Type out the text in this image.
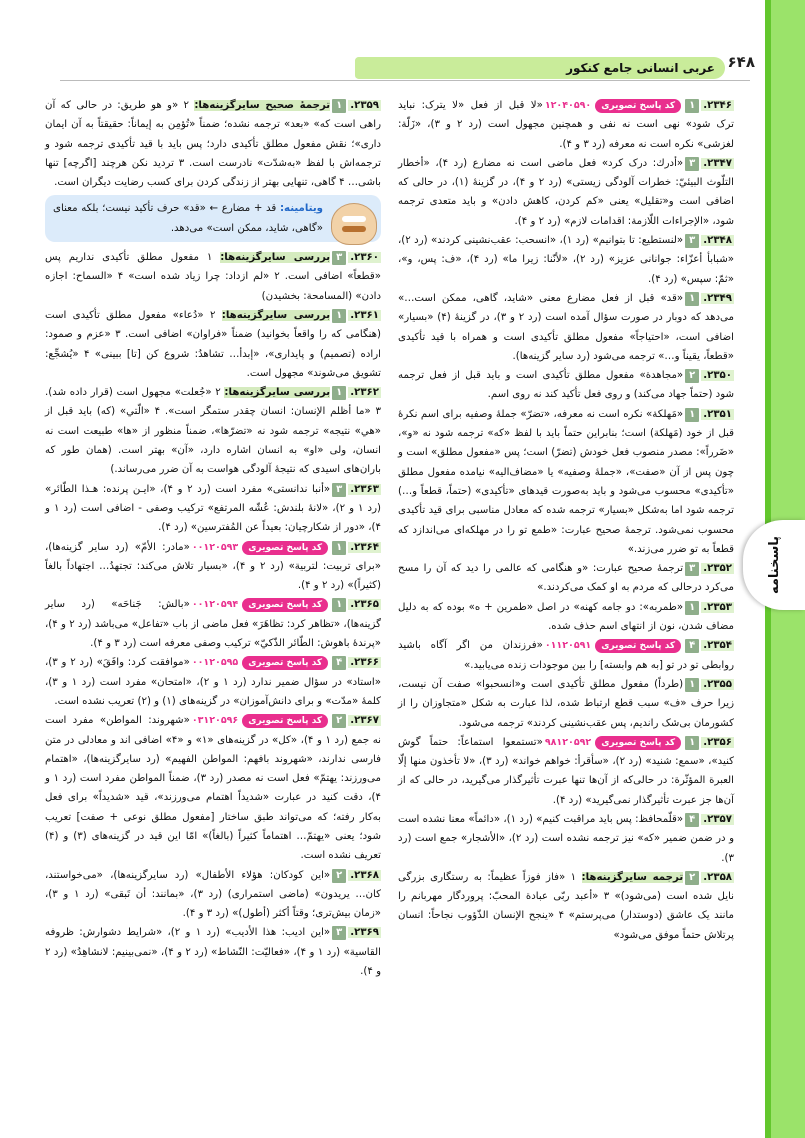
پاسخنامه
عربی انسانی جامع کنکور ۶۴۸
۲۳۴۶.۱کد پاسخ تصویری۱۲۰۴۰۵۹۰«لا قبل از فعل «لا یترک: نباید ترک شود» نهی است نه نفی و همچنین مجهول است (رد ۲ و ۳)، «زَلّة: لغزشی» نکره است نه معرفه (رد ۳ و ۴).
۲۳۴۷.۳«أدرك: درک کرد» فعل ماضی است نه مضارع (رد ۴)، «أخطار التلّوث البیئيّ: خطرات آلودگی زیستی» (رد ۲ و ۴)، در گزینهٔ (۱)، در حالی که اضافی است و«تقلیل» یعنی «کم کردن، کاهش دادن» و باید متعدی ترجمه شود، «الإجراءات اللّازمة: اقدامات لازم» (رد ۲ و ۴).
۲۳۴۸.۳«لنستطیع: تا بتوانیم» (رد ۱)، «انسحب: عقب‌نشینی کردند» (رد ۲)، «شبابأ أعزّاء: جوانانی عزیز» (رد ۲)، «لأنّنا: زیرا ما» (رد ۴)، «ف: پس، و»، «ثمّ: سپس» (رد ۴).
۲۳۴۹.۱«قد» قبل از فعل مضارع معنی «شاید، گاهی، ممکن است…» می‌دهد که دوبار در صورت سؤال آمده است (رد ۲ و ۳)، در گزینهٔ (۴) «بسیار» اضافی است، «احتیاجاً» مفعول مطلق تأکیدی است و همراه با قید تأکیدی «قطعاً، یقیناً و…» ترجمه می‌شود (رد سایر گزینه‌ها).
۲۳۵۰.۲«مجاهدة» مفعول مطلق تأکیدی است و باید قبل از فعل ترجمه شود (حتماً جهاد می‌کند) و روی فعل تأکید کند نه روی اسم.
۲۳۵۱.۱«مَهلکة» نکره است نه معرفه، «تضرّ» جملهٔ وصفیه برای اسم نکرهٔ قبل از خود (مَهلکة) است؛ بنابراین حتماً باید با لفظ «که» ترجمه شود نه «و»، «ضَرراً»: مصدر منصوب فعل خودش (تضرّ) است؛ پس «مفعول مطلق» است و چون پس از آن «صفت»، «جملهٔ وصفیه» یا «مضاف‌الیه» نیامده مفعول مطلق «تأکیدی» محسوب می‌شود و باید به‌صورت قیدهای «تأکیدی» (حتماً، قطعاً و…) ترجمه شود اما به‌شکل «بسیار» ترجمه شده که معادل مناسبی برای قید تأکیدی محسوب نمی‌شود. ترجمهٔ صحیح عبارت: «طمع تو را در مهلکه‌ای می‌اندازد که قطعاً به تو ضرر می‌زند.»
۲۳۵۲.۳ترجمهٔ صحیح عبارت: «و هنگامی که عالمی را دید که آن را مسح می‌کرد درحالی که مردم به او کمک می‌کردند.»
۲۳۵۳.۱«طمربه»: دو جامه کهنه» در اصل «طمرین + ه» بوده که به دلیل مضاف شدن، نون از انتهای اسم حذف شده.
۲۳۵۴.۴کد پاسخ تصویری۰۱۱۲۰۵۹۱«فرزندان من اگر آگاه باشید روابطی تو در تو [به هم وابسته] را بین موجودات زنده می‌یابید.»
۲۳۵۵.۱(طرداً) مفعول مطلق تأکیدی است و«انسحبوا» صفت آن نیست، زیرا حرف «ف» سبب قطع ارتباط شده، لذا عبارت به شکل «متجاوزان را از کشورمان بی‌شک راندیم، پس عقب‌نشینی کردند» ترجمه می‌شود.
۲۳۵۶.۱کد پاسخ تصویری۹۸۱۲۰۵۹۲«تستمعوا استماعاً: حتماً گوش کنید»، «سمع: شنید» (رد ۲)، «سأقرأ: خواهم خواند» (رد ۳)، «لا تأخذون منها إلّا العبرة المؤثّرة: در حالی‌که از آن‌ها تنها عبرت تأثیرگذار می‌گیرید، در حالی که از آن‌ها جز عبرت تأثیرگذار نمی‌گیرید» (رد ۴).
۲۳۵۷.۴«قلّمحافظ: پس باید مراقبت کنیم» (رد ۱)، «دائماً» معنا نشده است و در ضمن ضمیر «که» نیز ترجمه نشده است (رد ۲)، «الأشجار» جمع است (رد ۳).
۲۳۵۸.۲ترجمه سایرگزینه‌ها: ۱ «فاز فوزاً عظیماً: به رستگاری بزرگی نایل شده است (می‌شود)» ۳ «أعبد ربّی عبادة المحبّ: پروردگار مهربانم را مانند یک عاشق (دوستدار) می‌پرستم» ۴ «ینجح الإنسان الذّؤوب نجاحاً: انسان پرتلاش حتماً موفق می‌شود»
۲۳۵۹.۱ترجمهٔ صحیح سایرگزینه‌ها: ۲ «و هو طریق: در حالی که آن راهی است که» «بعد» ترجمه نشده؛ ضمناً «تُؤمِن به إیماناً: حقیقتاً به آن ایمان داری»؛ نقش مفعول مطلق تأکیدی دارد؛ پس باید با قید تأکیدی ترجمه شود و ترجمه‌اش با لفظ «به‌شدّت» نادرست است. ۳ تردید نکن هرچند [اگرچه] تنها باشی… ۴ گاهی، تنهایی بهتر از زندگی کردن برای کسب رضایت دیگران است.
ویتامینه: قد + مضارع ← «قد» حرف تأکید نیست؛ بلکه معنای «گاهی، شاید، ممکن است» می‌دهد.
۲۳۶۰.۳بررسی سایرگزینه‌ها: ۱ مفعول مطلق تأکیدی نداریم پس «قطعاً» اضافی است. ۲ «لم ازداد: چرا زیاد شده است» ۴ «السماح: اجازه دادن» (المسامحة: بخشیدن)
۲۳۶۱.۱بررسی سایرگزینه‌ها: ۲ «دُعاء» مفعول مطلق تأکیدی است (هنگامی که را واقعاً بخوانید) ضمناً «فراوان» اضافی است. ۳ «عزم و صمود: اراده (تصمیم) و پایداری»، «إبدأ… تشاهدُ: شروع کن [تا] ببینی» ۴ «یُشجِّع: تشویق می‌شوند» مجهول است.
۲۳۶۲.۱بررسی سایرگزینه‌ها: ۲ «جُعلت» مجهول است (قرار داده شد). ۳ «ما أظلم الإنسان: انسان چقدر ستمگر است». ۴ «الّتي» (که) باید قبل از «هي» نتیجه» ترجمه شود نه «تضرّها»، ضمناً منظور از «ها» طبیعت است نه انسان، ولی «او» به انسان اشاره دارد، «آن» بهتر است. (همان طور که باران‌های اسیدی که نتیجهٔ آلودگی هواست به آن ضرر می‌رساند.)
۲۳۶۳.۳«أنبا ندانستی» مفرد است (رد ۲ و ۴)، «ایـن پرنده: هـذا الطّائر» (رد ۱ و ۲)، «لانهٔ بلندش: عُشّه المرتفع» ترکیب وصفی - اضافی است (رد ۱ و ۴)، «دور از شکارچیان: بعیداً عن المُفترسین» (رد ۴).
۲۳۶۴.۱کد پاسخ تصویری۰۰۱۲۰۵۹۳«مادر: الأمّ» (رد سایر گزینه‌ها)، «برای تربیت: لتربیة» (رد ۲ و ۴)، «بسیار تلاش می‌کند: تجتهدُ… اجتهاداً بالغاً (کثیراً)» (رد ۲ و ۴).
۲۳۶۵.۱کد پاسخ تصویری۰۰۱۲۰۵۹۴«بالش: جَناحَه» (رد سایر گزینه‌ها)، «تظاهر کرد: تظاهَرَ» فعل ماضی از باب «تفاعل» می‌باشد (رد ۲ و ۴)، «پرندهٔ باهوش: الطّائر الذّکيّ» ترکیب وصفی معرفه است (رد ۳ و ۴).
۲۳۶۶.۴کد پاسخ تصویری۰۰۱۲۰۵۹۵«موافقت کرد: وافَقَ» (رد ۲ و ۳)، «استاد» در سؤال ضمیر ندارد (رد ۱ و ۲)، «امتحان» مفرد است (رد ۱ و ۳)، کلمهٔ «مدّت» و برای دانش‌آموزان» در گزینه‌های (۱) و (۲) تعریب نشده است.
۲۳۶۷.۲کد پاسخ تصویری۰۳۱۲۰۵۹۶«شهروند: المواطن» مفرد است نه جمع (رد ۱ و ۴)، «کل» در گزینه‌های «۱» و «۴» اضافی اند و معادلی در متن فارسی ندارند، «شهروند بافهم: المواطن الفهیم» (رد سایرگزینه‌ها)، «اهتمام می‌ورزند: یهتمّ» فعل است نه مصدر (رد ۳)، ضمناً المواطن مفرد است (رد ۱ و ۴)، دقت کنید در عبارت «شدیداً اهتمام می‌ورزند»، قید «شدیداً» برای فعل به‌کار رفته؛ که می‌تواند طبق ساختار [مفعول مطلق نوعی + صفت] تعریب شود؛ یعنی «یهتمّ… اهتماماً کثیراً (بالغاً)» امّا این قید در گزینه‌های (۳) و (۴) تعریف نشده است.
۲۳۶۸.۲«این کودکان: هؤلاء الأطفال» (رد سایرگزینه‌ها)، «می‌خواستند، کان… یریدون» (ماضی استمراری) (رد ۳)، «بمانند: أن تَبقی» (رد ۱ و ۳)، «زمان بیش‌تری؛ وقتاً أکثر (أطول)» (رد ۳ و ۴).
۲۳۶۹.۳«این ادیب: هذا الأدیب» (رد ۱ و ۲)، «شرایط دشوارش: ظروفه القاسیة» (رد ۱ و ۴)، «فعالیّت: النّشاط» (رد ۲ و ۴)، «نمی‌بینیم: لانشاهِدُ» (رد ۲ و ۴).
